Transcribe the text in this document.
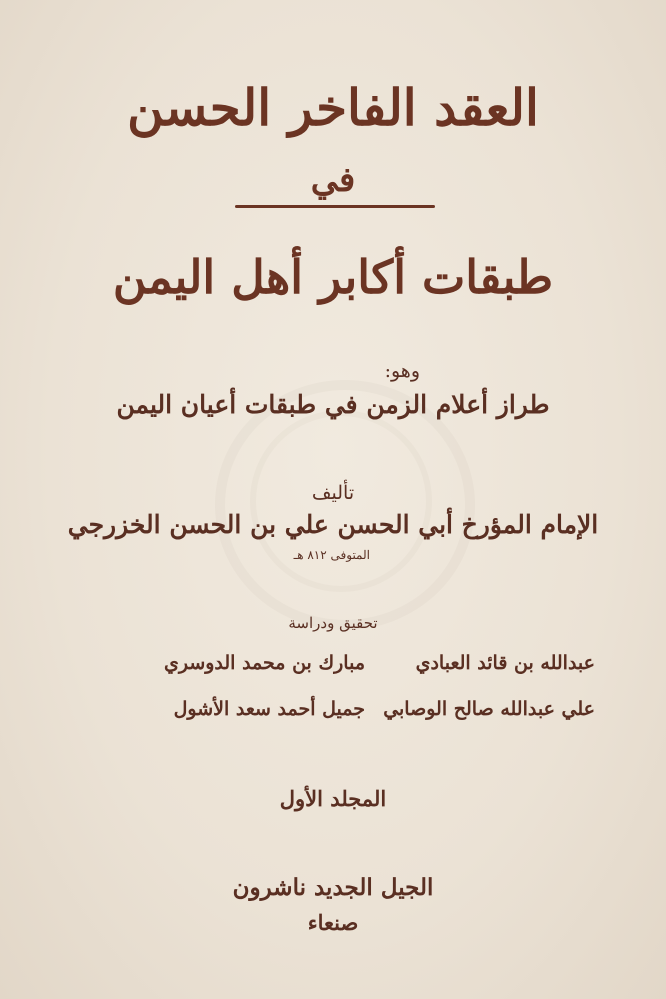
العقد الفاخر الحسن
في
طبقات أكابر أهل اليمن
وهو:
طراز أعلام الزمن في طبقات أعيان اليمن
تأليف
الإمام المؤرخ أبي الحسن علي بن الحسن الخزرجي
المتوفى ٨١٢ هـ
تحقيق ودراسة
عبدالله بن قائد العبادي
مبارك بن محمد الدوسري
علي عبدالله صالح الوصابي
جميل أحمد سعد الأشول
المجلد الأول
الجيل الجديد ناشرون
صنعاء
